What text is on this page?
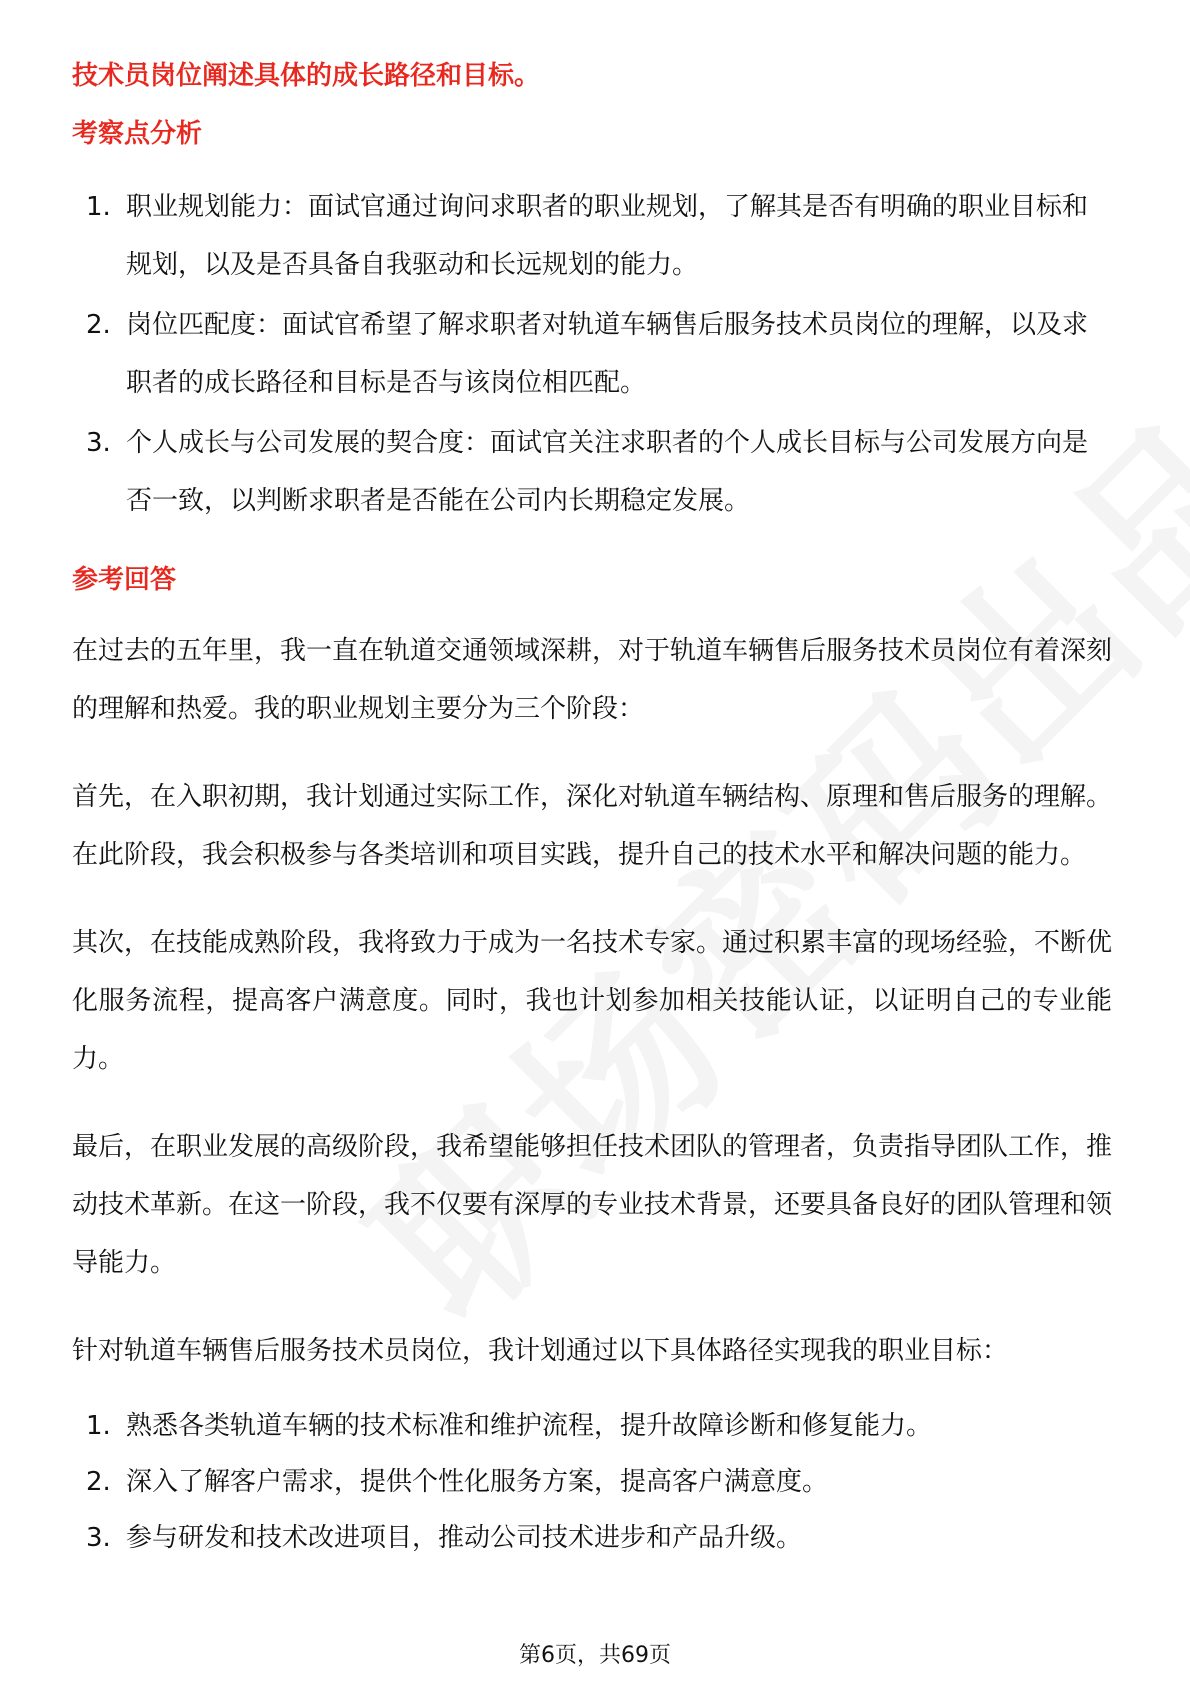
技术员岗位阐述具体的成长路径和目标。

考察点分析

1. 职业规划能力：面试官通过询问求职者的职业规划，了解其是否有明确的职业目标和规划，以及是否具备自我驱动和长远规划的能力。
2. 岗位匹配度：面试官希望了解求职者对轨道车辆售后服务技术员岗位的理解，以及求职者的成长路径和目标是否与该岗位相匹配。
3. 个人成长与公司发展的契合度：面试官关注求职者的个人成长目标与公司发展方向是否一致，以判断求职者是否能在公司内长期稳定发展。

参考回答

在过去的五年里，我一直在轨道交通领域深耕，对于轨道车辆售后服务技术员岗位有着深刻的理解和热爱。我的职业规划主要分为三个阶段：

首先，在入职初期，我计划通过实际工作，深化对轨道车辆结构、原理和售后服务的理解。在此阶段，我会积极参与各类培训和项目实践，提升自己的技术水平和解决问题的能力。

其次，在技能成熟阶段，我将致力于成为一名技术专家。通过积累丰富的现场经验，不断优化服务流程，提高客户满意度。同时，我也计划参加相关技能认证，以证明自己的专业能力。

最后，在职业发展的高级阶段，我希望能够担任技术团队的管理者，负责指导团队工作，推动技术革新。在这一阶段，我不仅要有深厚的专业技术背景，还要具备良好的团队管理和领导能力。

针对轨道车辆售后服务技术员岗位，我计划通过以下具体路径实现我的职业目标：

1. 熟悉各类轨道车辆的技术标准和维护流程，提升故障诊断和修复能力。
2. 深入了解客户需求，提供个性化服务方案，提高客户满意度。
3. 参与研发和技术改进项目，推动公司技术进步和产品升级。
第6页，共69页
